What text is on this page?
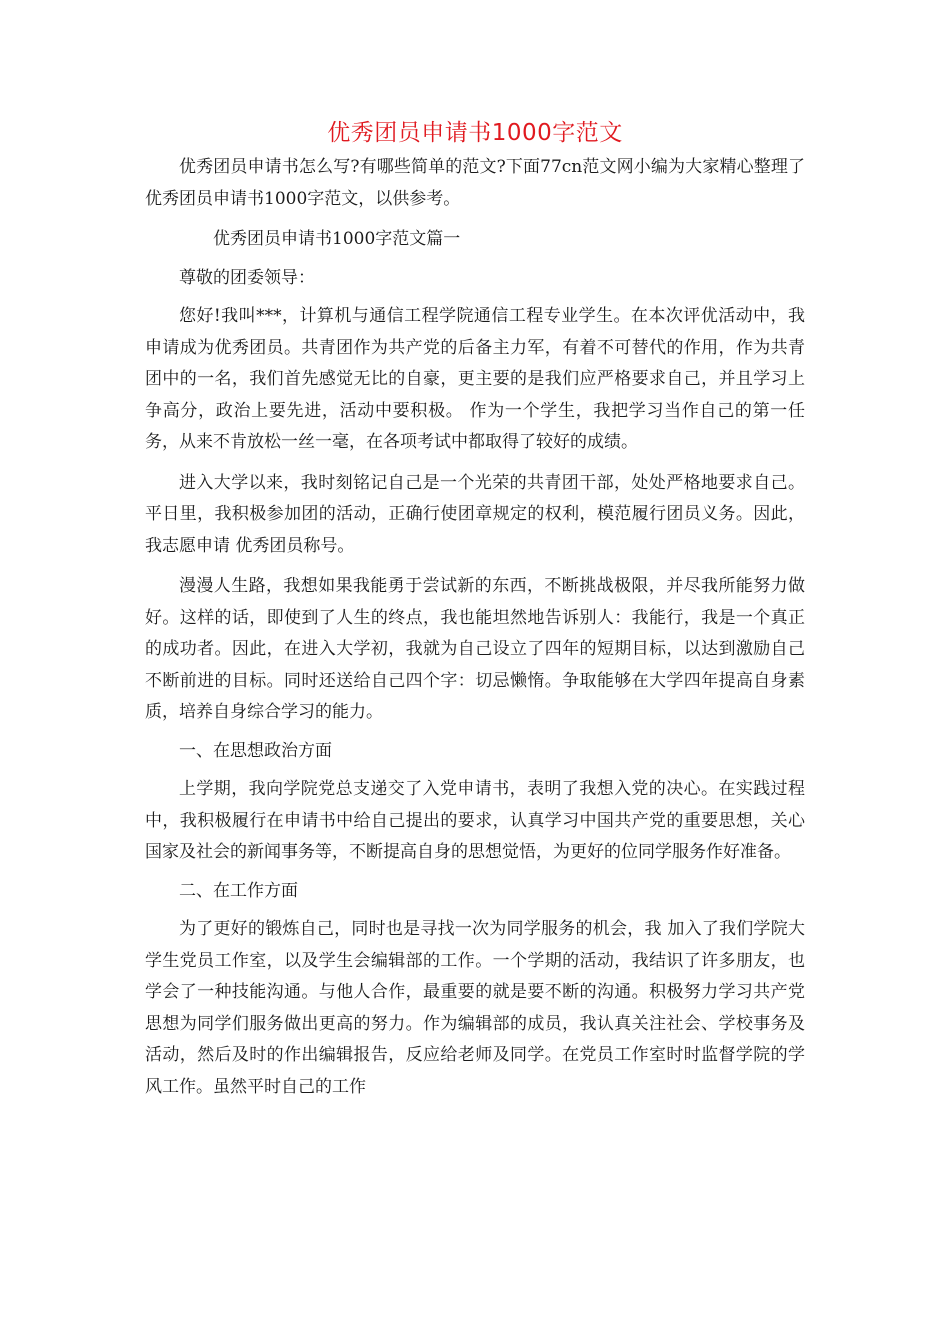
优秀团员申请书1000字范文

优秀团员申请书怎么写?有哪些简单的范文?下面77cn范文网小编为大家精心整理了优秀团员申请书1000字范文，以供参考。

优秀团员申请书1000字范文篇一

尊敬的团委领导：

您好!我叫***，计算机与通信工程学院通信工程专业学生。在本次评优活动中，我申请成为优秀团员。共青团作为共产党的后备主力军，有着不可替代的作用，作为共青团中的一名，我们首先感觉无比的自豪，更主要的是我们应严格要求自己，并且学习上争高分，政治上要先进，活动中要积极。 作为一个学生，我把学习当作自己的第一任务，从来不肯放松一丝一毫，在各项考试中都取得了较好的成绩。

进入大学以来，我时刻铭记自己是一个光荣的共青团干部，处处严格地要求自己。平日里，我积极参加团的活动，正确行使团章规定的权利，模范履行团员义务。因此，我志愿申请 优秀团员称号。

漫漫人生路，我想如果我能勇于尝试新的东西，不断挑战极限，并尽我所能努力做好。这样的话，即使到了人生的终点，我也能坦然地告诉别人：我能行，我是一个真正的成功者。因此，在进入大学初，我就为自己设立了四年的短期目标，以达到激励自己不断前进的目标。同时还送给自己四个字：切忌懒惰。争取能够在大学四年提高自身素质，培养自身综合学习的能力。

一、在思想政治方面

上学期，我向学院党总支递交了入党申请书，表明了我想入党的决心。在实践过程中，我积极履行在申请书中给自己提出的要求，认真学习中国共产党的重要思想，关心国家及社会的新闻事务等，不断提高自身的思想觉悟，为更好的位同学服务作好准备。

二、在工作方面

为了更好的锻炼自己，同时也是寻找一次为同学服务的机会，我 加入了我们学院大学生党员工作室，以及学生会编辑部的工作。一个学期的活动，我结识了许多朋友，也学会了一种技能沟通。与他人合作，最重要的就是要不断的沟通。积极努力学习共产党思想为同学们服务做出更高的努力。作为编辑部的成员，我认真关注社会、学校事务及活动，然后及时的作出编辑报告，反应给老师及同学。在党员工作室时时监督学院的学风工作。虽然平时自己的工作
